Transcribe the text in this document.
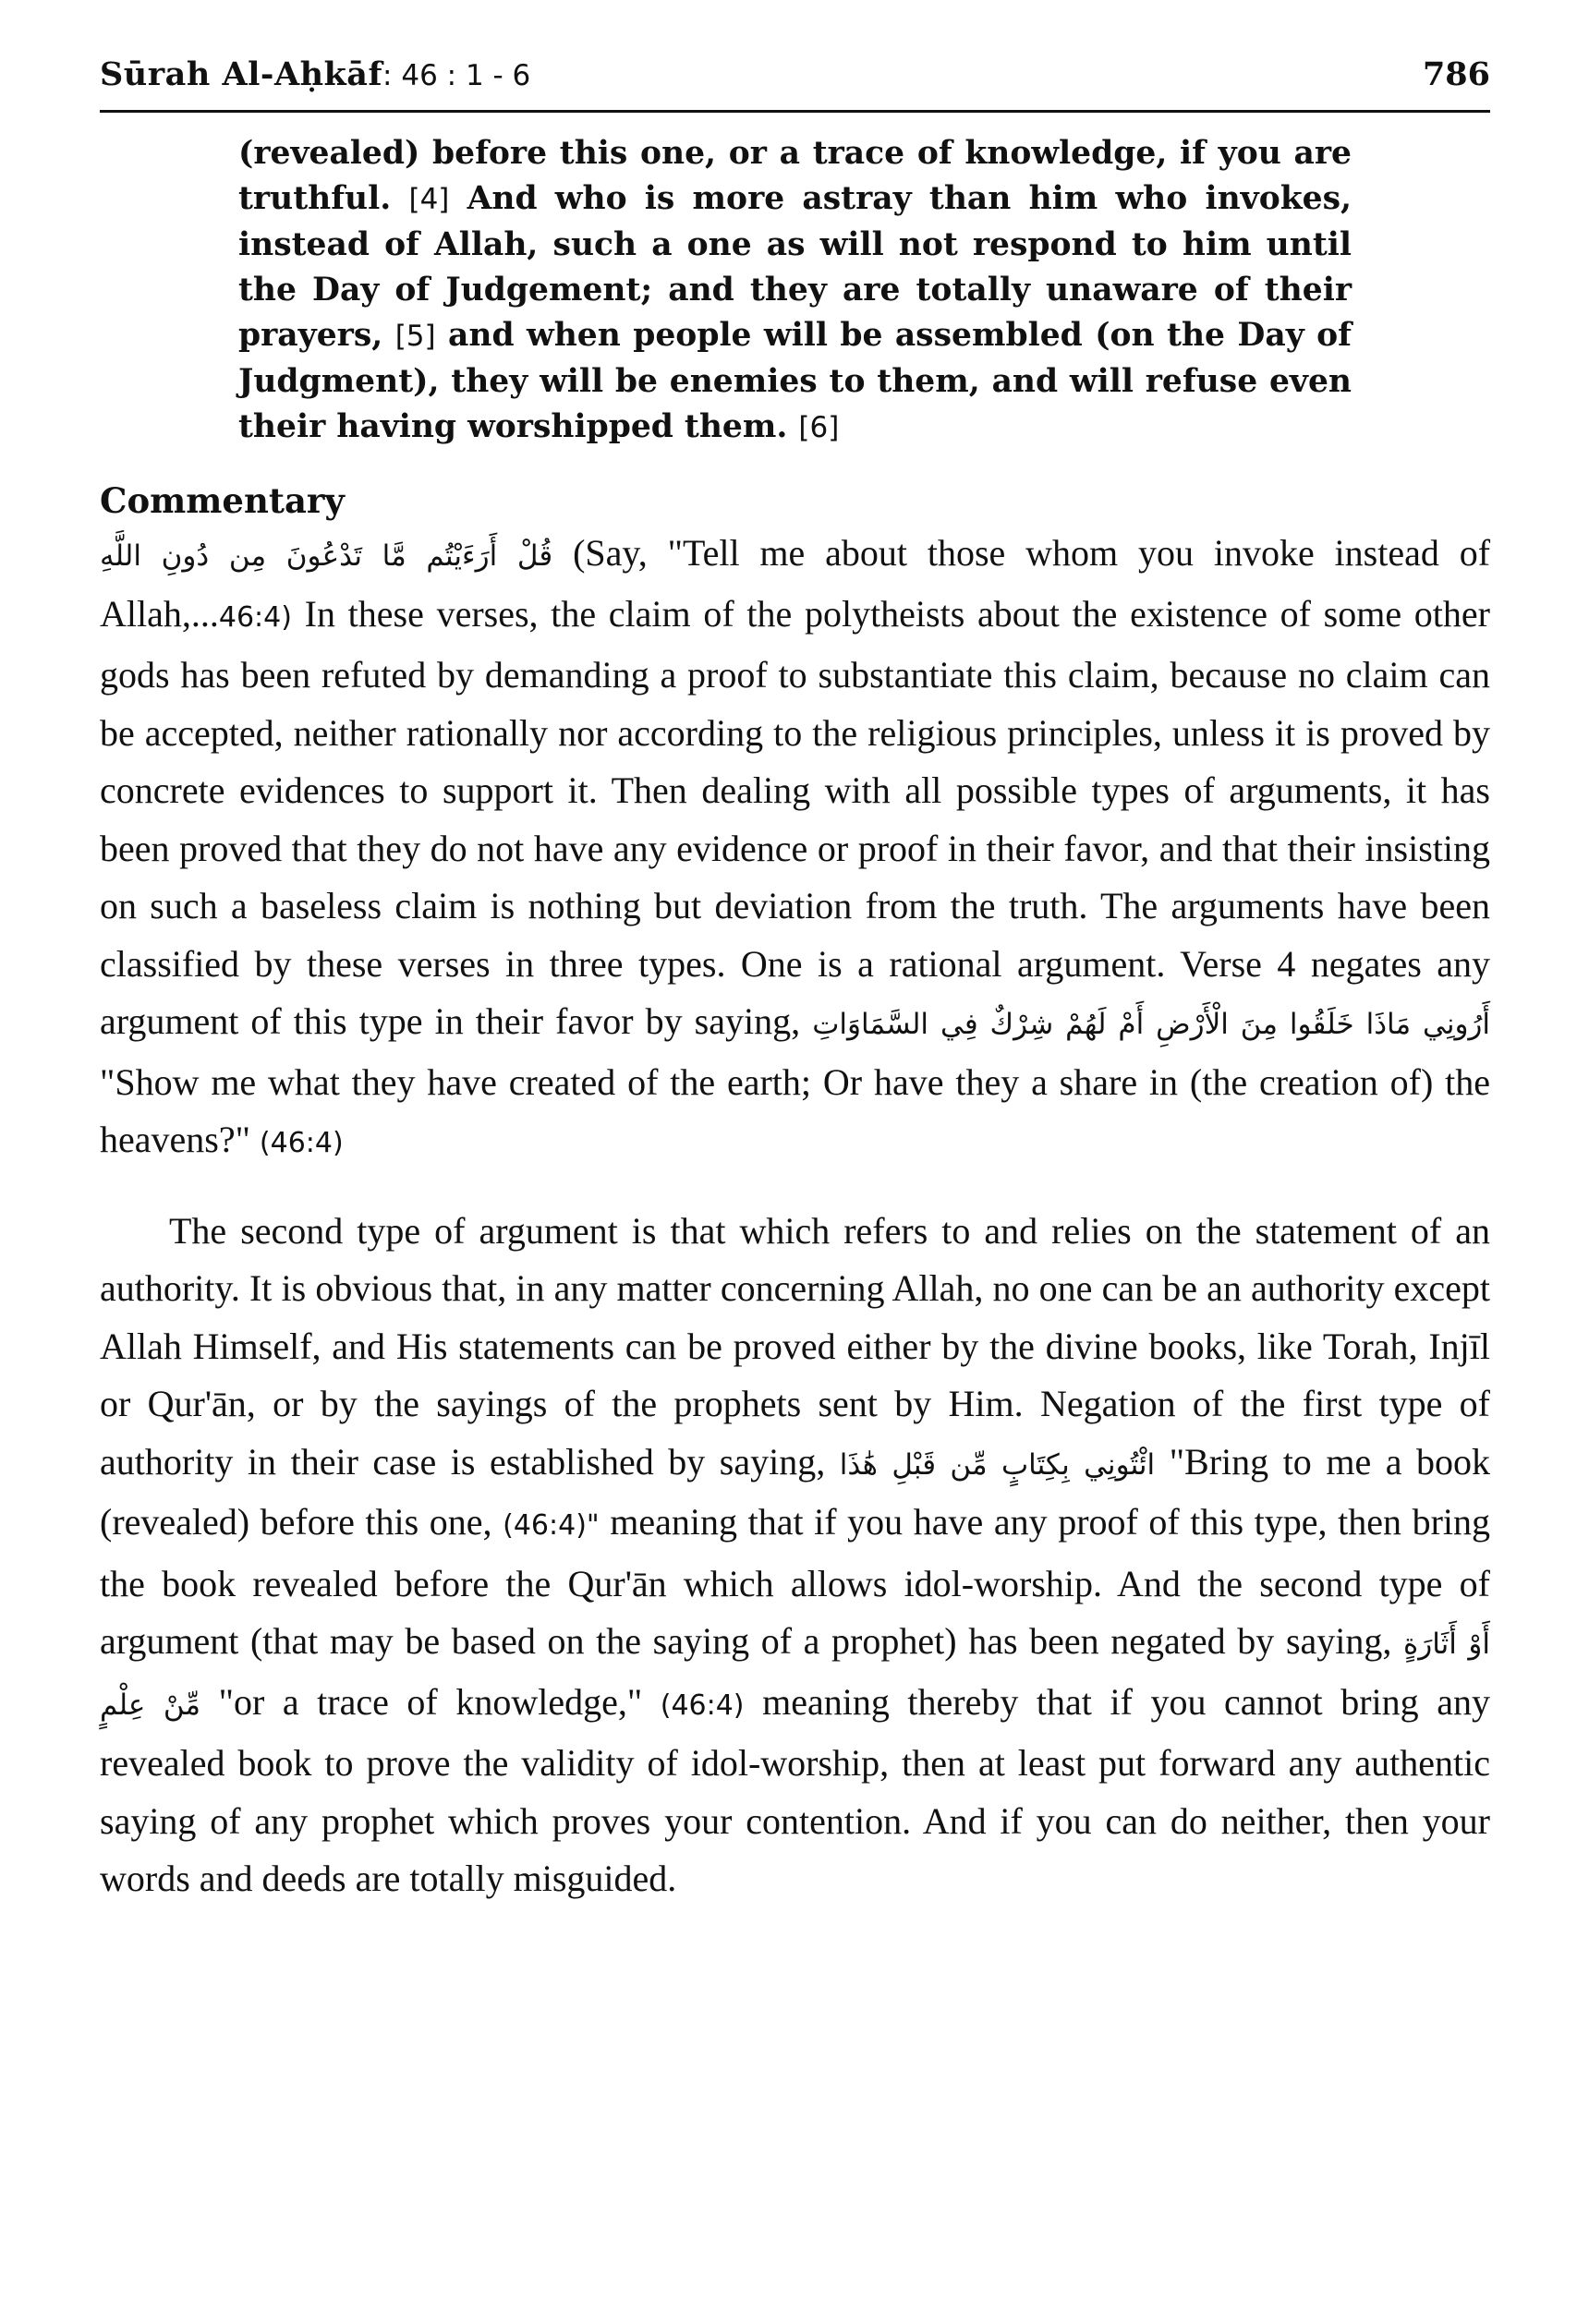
Sūrah Al-Aḥkāf: 46 : 1 - 6	786

(revealed) before this one, or a trace of knowledge, if you are truthful. [4] And who is more astray than him who invokes, instead of Allah, such a one as will not respond to him until the Day of Judgement; and they are totally unaware of their prayers, [5] and when people will be assembled (on the Day of Judgment), they will be enemies to them, and will refuse even their having worshipped them. [6]

Commentary

قُلْ أَرَءَيْتُم مَّا تَدْعُونَ مِن دُونِ اللَّهِ (Say, "Tell me about those whom you invoke instead of Allah,...46:4) In these verses, the claim of the polytheists about the existence of some other gods has been refuted by demanding a proof to substantiate this claim, because no claim can be accepted, neither rationally nor according to the religious principles, unless it is proved by concrete evidences to support it. Then dealing with all possible types of arguments, it has been proved that they do not have any evidence or proof in their favor, and that their insisting on such a baseless claim is nothing but deviation from the truth. The arguments have been classified by these verses in three types. One is a rational argument. Verse 4 negates any argument of this type in their favor by saying, أَرُونِي مَاذَا خَلَقُوا مِنَ الْأَرْضِ أَمْ لَهُمْ شِرْكٌ فِي السَّمَاوَاتِ "Show me what they have created of the earth; Or have they a share in (the creation of) the heavens?" (46:4)

The second type of argument is that which refers to and relies on the statement of an authority. It is obvious that, in any matter concerning Allah, no one can be an authority except Allah Himself, and His statements can be proved either by the divine books, like Torah, Injīl or Qur'ān, or by the sayings of the prophets sent by Him. Negation of the first type of authority in their case is established by saying, ائْتُونِي بِكِتَابٍ مِّن قَبْلِ هَٰذَا "Bring to me a book (revealed) before this one, (46:4)" meaning that if you have any proof of this type, then bring the book revealed before the Qur'ān which allows idol-worship. And the second type of argument (that may be based on the saying of a prophet) has been negated by saying, أَوْ أَثَارَةٍ مِّنْ عِلْمٍ "or a trace of knowledge," (46:4) meaning thereby that if you cannot bring any revealed book to prove the validity of idol-worship, then at least put forward any authentic saying of any prophet which proves your contention. And if you can do neither, then your words and deeds are totally misguided.
